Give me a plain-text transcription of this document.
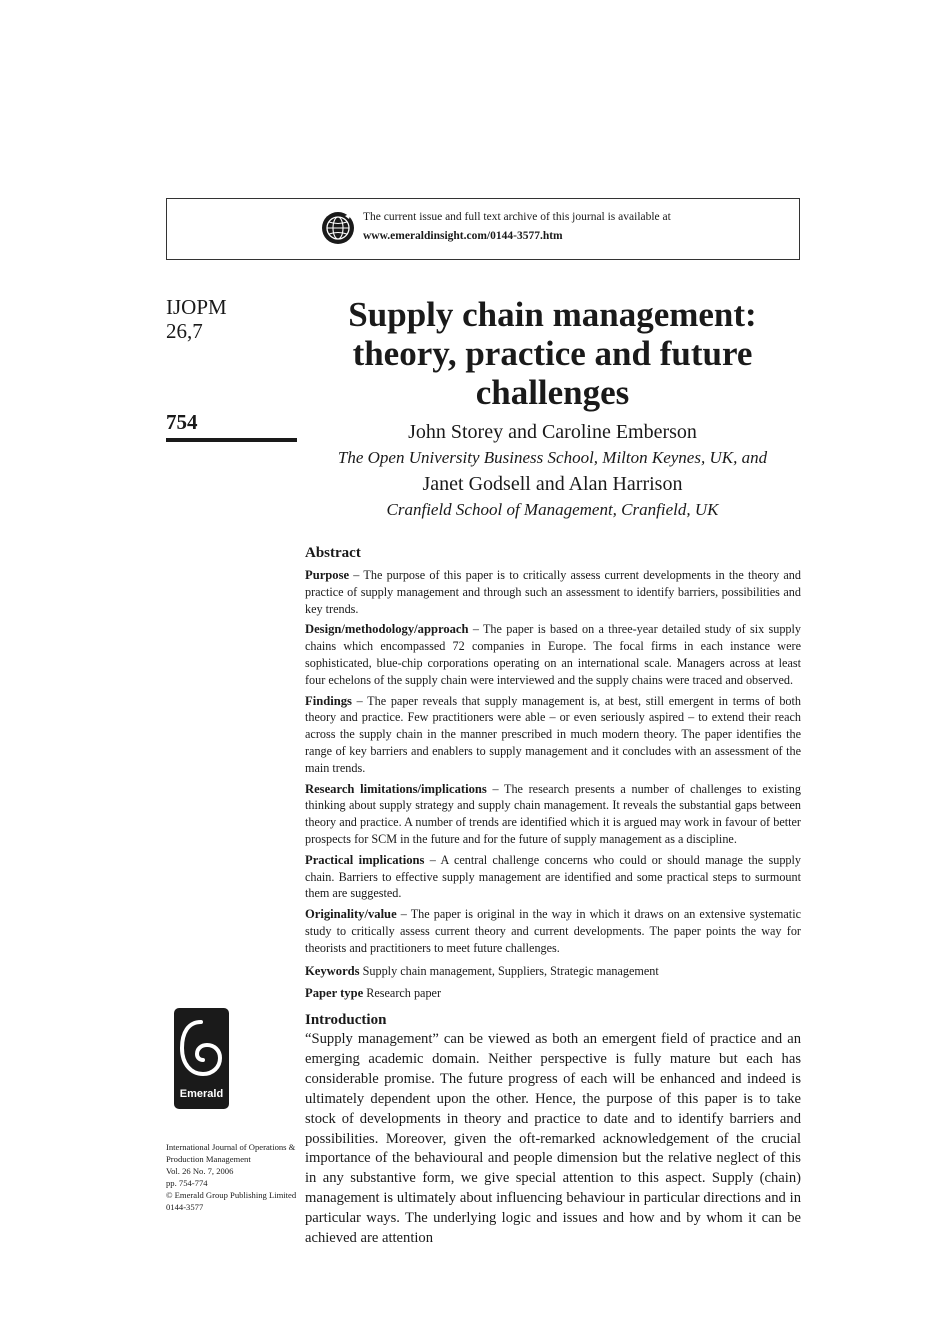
The current issue and full text archive of this journal is available at
www.emeraldinsight.com/0144-3577.htm
IJOPM
26,7
754
Supply chain management:
theory, practice and future
challenges
John Storey and Caroline Emberson
The Open University Business School, Milton Keynes, UK, and
Janet Godsell and Alan Harrison
Cranfield School of Management, Cranfield, UK
Abstract

Purpose – The purpose of this paper is to critically assess current developments in the theory and practice of supply management and through such an assessment to identify barriers, possibilities and key trends.

Design/methodology/approach – The paper is based on a three-year detailed study of six supply chains which encompassed 72 companies in Europe. The focal firms in each instance were sophisticated, blue-chip corporations operating on an international scale. Managers across at least four echelons of the supply chain were interviewed and the supply chains were traced and observed.

Findings – The paper reveals that supply management is, at best, still emergent in terms of both theory and practice. Few practitioners were able – or even seriously aspired – to extend their reach across the supply chain in the manner prescribed in much modern theory. The paper identifies the range of key barriers and enablers to supply management and it concludes with an assessment of the main trends.

Research limitations/implications – The research presents a number of challenges to existing thinking about supply strategy and supply chain management. It reveals the substantial gaps between theory and practice. A number of trends are identified which it is argued may work in favour of better prospects for SCM in the future and for the future of supply management as a discipline.

Practical implications – A central challenge concerns who could or should manage the supply chain. Barriers to effective supply management are identified and some practical steps to surmount them are suggested.

Originality/value – The paper is original in the way in which it draws on an extensive systematic study to critically assess current theory and current developments. The paper points the way for theorists and practitioners to meet future challenges.

Keywords Supply chain management, Suppliers, Strategic management

Paper type Research paper

Introduction

“Supply management” can be viewed as both an emergent field of practice and an emerging academic domain. Neither perspective is fully mature but each has considerable promise. The future progress of each will be enhanced and indeed is ultimately dependent upon the other. Hence, the purpose of this paper is to take stock of developments in theory and practice to date and to identify barriers and possibilities. Moreover, given the oft-remarked acknowledgement of the crucial importance of the behavioural and people dimension but the relative neglect of this in any substantive form, we give special attention to this aspect. Supply (chain) management is ultimately about influencing behaviour in particular directions and in particular ways. The underlying logic and issues and how and by whom it can be achieved are attention

Emerald
International Journal of Operations &
Production Management
Vol. 26 No. 7, 2006
pp. 754-774
© Emerald Group Publishing Limited
0144-3577
